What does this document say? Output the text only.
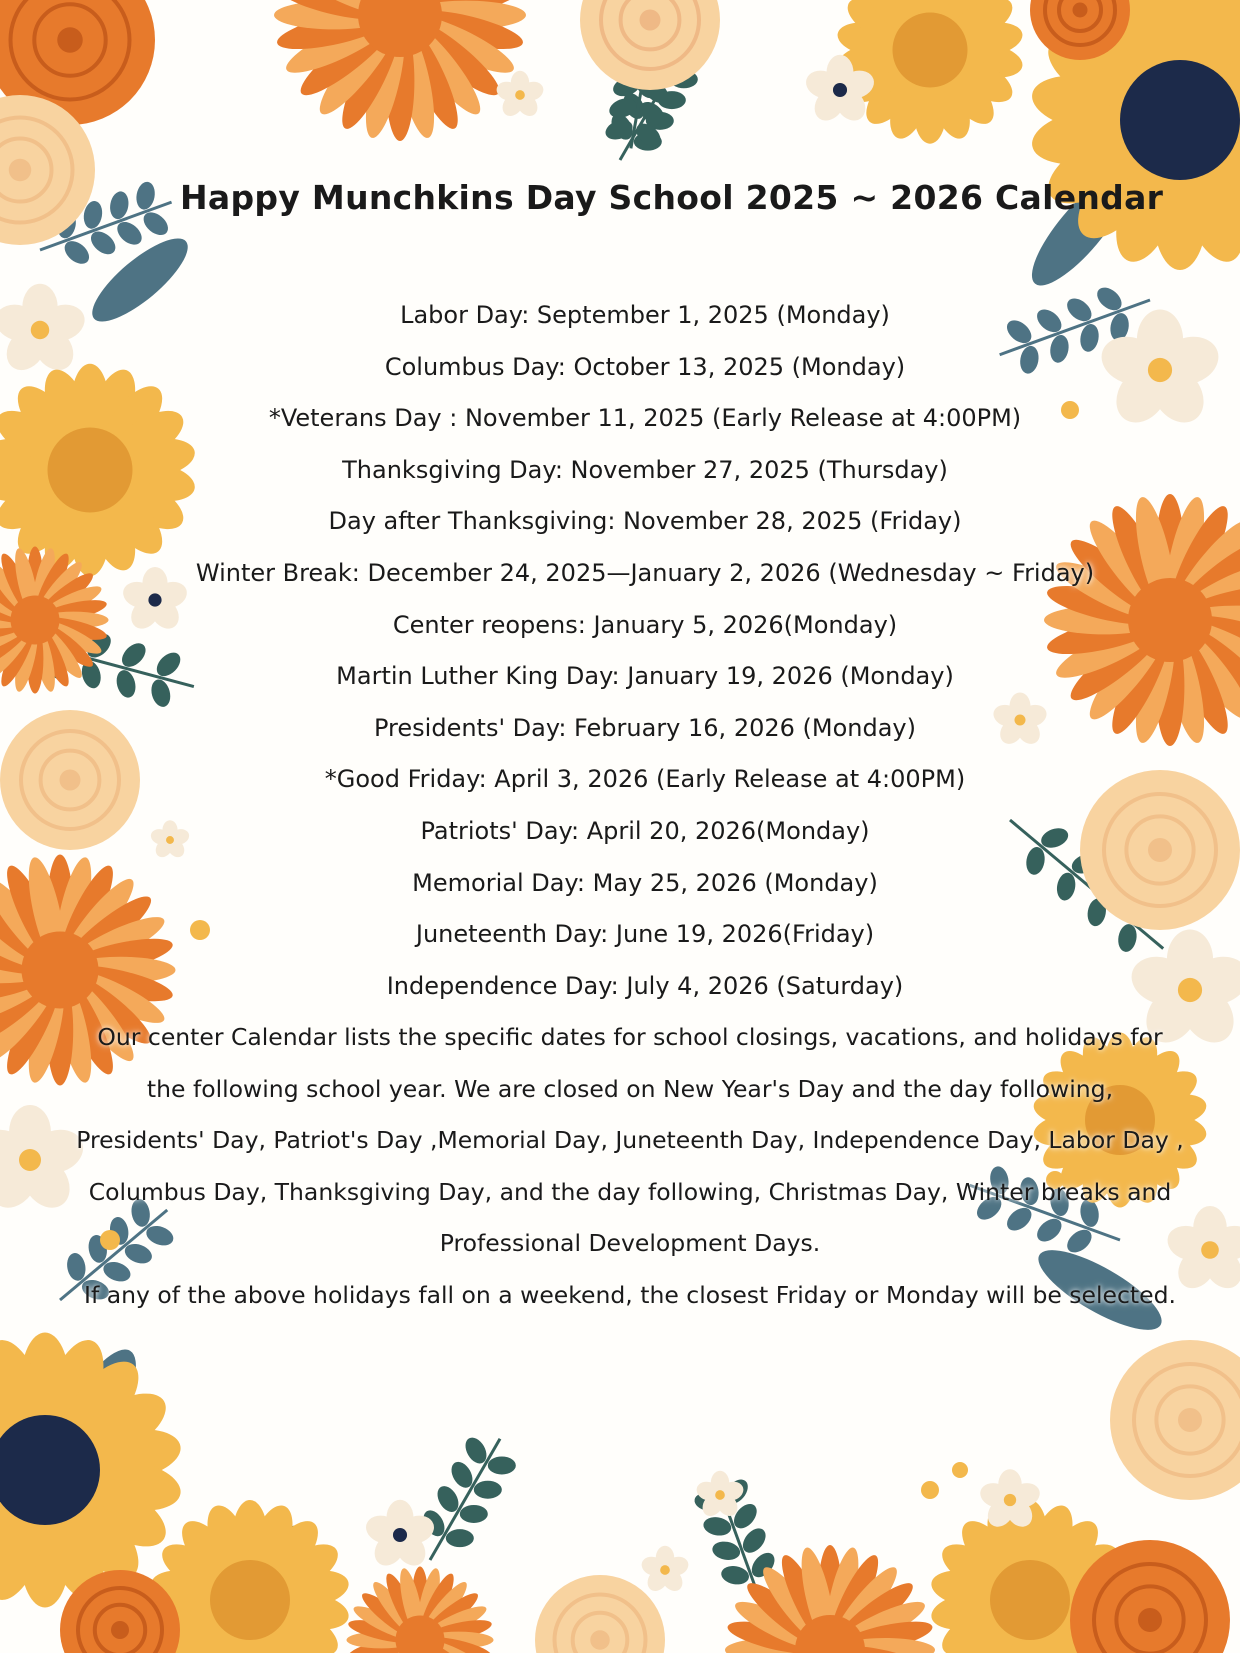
Happy Munchkins Day School 2025 ~ 2026 Calendar
Labor Day: September 1, 2025 (Monday)
Columbus Day: October 13, 2025 (Monday)
*Veterans Day : November 11, 2025 (Early Release at 4:00PM)
Thanksgiving Day: November 27, 2025 (Thursday)
Day after Thanksgiving: November 28, 2025 (Friday)
Winter Break: December 24, 2025—January 2, 2026 (Wednesday ~ Friday)
Center reopens: January 5, 2026(Monday)
Martin Luther King Day: January 19, 2026 (Monday)
Presidents' Day: February 16, 2026 (Monday)
*Good Friday: April 3, 2026 (Early Release at 4:00PM)
Patriots' Day: April 20, 2026(Monday)
Memorial Day: May 25, 2026 (Monday)
Juneteenth Day: June 19, 2026(Friday)
Independence Day: July 4, 2026 (Saturday)
Our center Calendar lists the specific dates for school closings, vacations, and holidays for
the following school year. We are closed on New Year's Day and the day following,
Presidents' Day, Patriot's Day ,Memorial Day, Juneteenth Day, Independence Day, Labor Day ,
Columbus Day, Thanksgiving Day, and the day following, Christmas Day, Winter breaks and
Professional Development Days.
If any of the above holidays fall on a weekend, the closest Friday or Monday will be selected.
